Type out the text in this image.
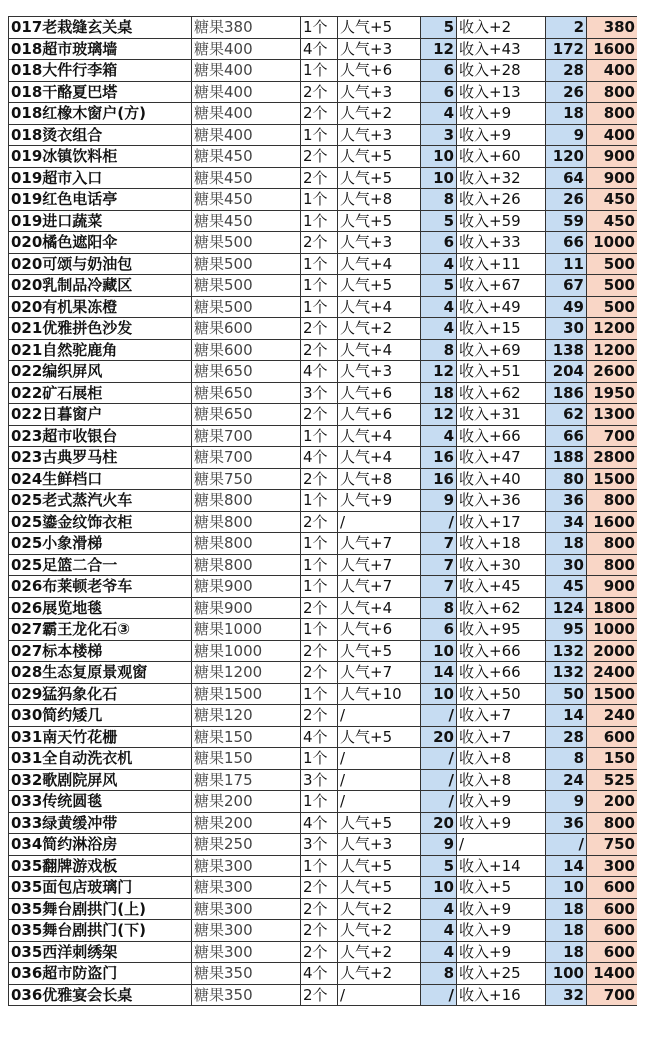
017老栽缝玄关桌	糖果380	1个	人气+5	5	收入+2	2	380
018超市玻璃墙	糖果400	4个	人气+3	12	收入+43	172	1600
018大件行李箱	糖果400	1个	人气+6	6	收入+28	28	400
018干酪夏巴塔	糖果400	2个	人气+3	6	收入+13	26	800
018红橡木窗户(方)	糖果400	2个	人气+2	4	收入+9	18	800
018烫衣组合	糖果400	1个	人气+3	3	收入+9	9	400
019冰镇饮料柜	糖果450	2个	人气+5	10	收入+60	120	900
019超市入口	糖果450	2个	人气+5	10	收入+32	64	900
019红色电话亭	糖果450	1个	人气+8	8	收入+26	26	450
019进口蔬菜	糖果450	1个	人气+5	5	收入+59	59	450
020橘色遮阳伞	糖果500	2个	人气+3	6	收入+33	66	1000
020可颂与奶油包	糖果500	1个	人气+4	4	收入+11	11	500
020乳制品冷藏区	糖果500	1个	人气+5	5	收入+67	67	500
020有机果冻橙	糖果500	1个	人气+4	4	收入+49	49	500
021优雅拼色沙发	糖果600	2个	人气+2	4	收入+15	30	1200
021自然驼鹿角	糖果600	2个	人气+4	8	收入+69	138	1200
022编织屏风	糖果650	4个	人气+3	12	收入+51	204	2600
022矿石展柜	糖果650	3个	人气+6	18	收入+62	186	1950
022日暮窗户	糖果650	2个	人气+6	12	收入+31	62	1300
023超市收银台	糖果700	1个	人气+4	4	收入+66	66	700
023古典罗马柱	糖果700	4个	人气+4	16	收入+47	188	2800
024生鲜档口	糖果750	2个	人气+8	16	收入+40	80	1500
025老式蒸汽火车	糖果800	1个	人气+9	9	收入+36	36	800
025鎏金纹饰衣柜	糖果800	2个	/	/	收入+17	34	1600
025小象滑梯	糖果800	1个	人气+7	7	收入+18	18	800
025足篮二合一	糖果800	1个	人气+7	7	收入+30	30	800
026布莱顿老爷车	糖果900	1个	人气+7	7	收入+45	45	900
026展览地毯	糖果900	2个	人气+4	8	收入+62	124	1800
027霸王龙化石③	糖果1000	1个	人气+6	6	收入+95	95	1000
027标本楼梯	糖果1000	2个	人气+5	10	收入+66	132	2000
028生态复原景观窗	糖果1200	2个	人气+7	14	收入+66	132	2400
029猛犸象化石	糖果1500	1个	人气+10	10	收入+50	50	1500
030简约矮几	糖果120	2个	/	/	收入+7	14	240
031南天竹花栅	糖果150	4个	人气+5	20	收入+7	28	600
031全自动洗衣机	糖果150	1个	/	/	收入+8	8	150
032歌剧院屏风	糖果175	3个	/	/	收入+8	24	525
033传统圆毯	糖果200	1个	/	/	收入+9	9	200
033绿黄缓冲带	糖果200	4个	人气+5	20	收入+9	36	800
034简约淋浴房	糖果250	3个	人气+3	9	/	/	750
035翻牌游戏板	糖果300	1个	人气+5	5	收入+14	14	300
035面包店玻璃门	糖果300	2个	人气+5	10	收入+5	10	600
035舞台剧拱门(上)	糖果300	2个	人气+2	4	收入+9	18	600
035舞台剧拱门(下)	糖果300	2个	人气+2	4	收入+9	18	600
035西洋刺绣架	糖果300	2个	人气+2	4	收入+9	18	600
036超市防盗门	糖果350	4个	人气+2	8	收入+25	100	1400
036优雅宴会长桌	糖果350	2个	/	/	收入+16	32	700
